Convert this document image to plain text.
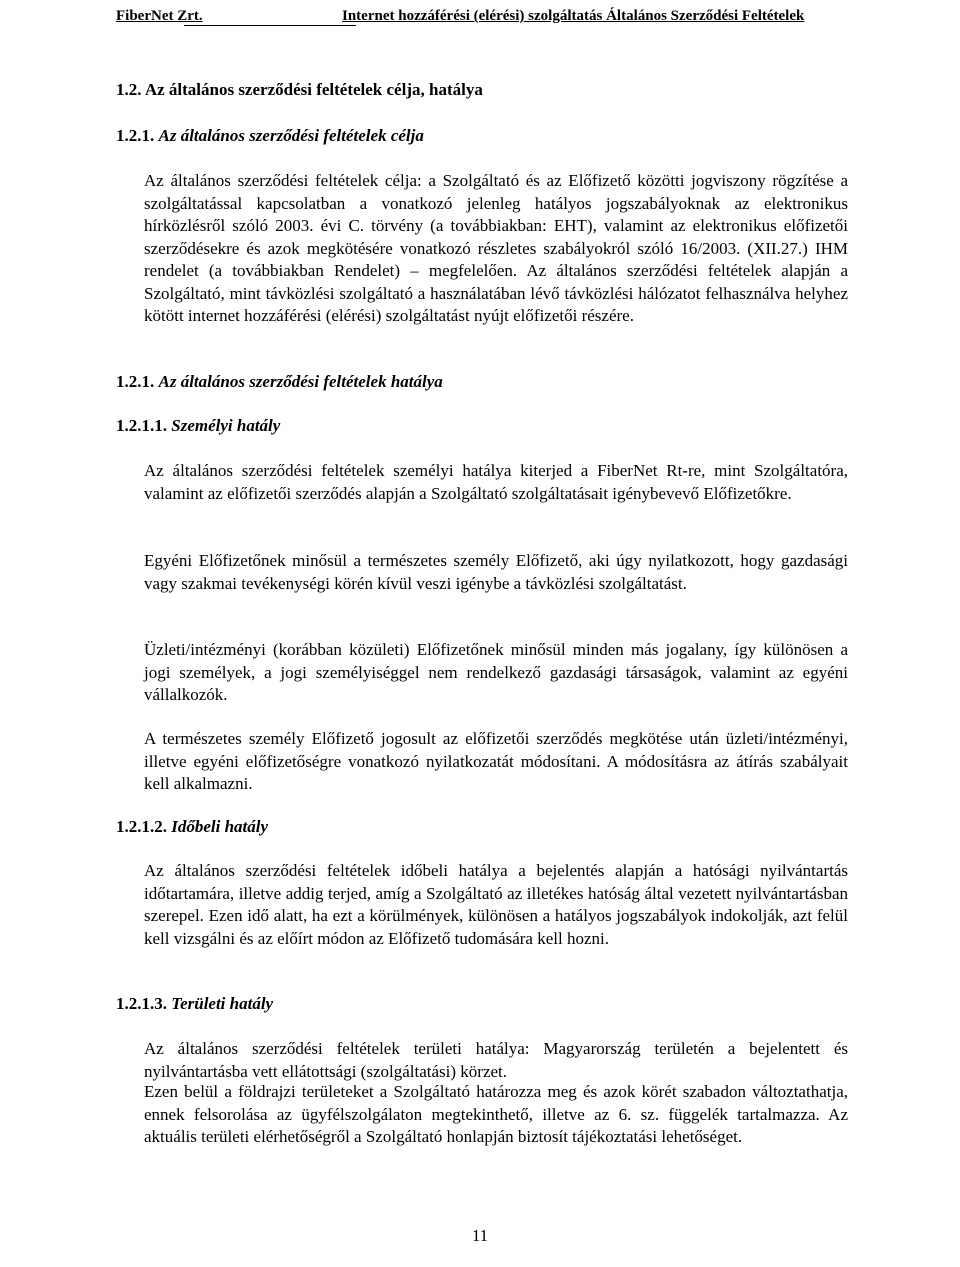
FiberNet Zrt.	Internet hozzáférési (elérési) szolgáltatás Általános Szerződési Feltételek
1.2. Az általános szerződési feltételek célja, hatálya
1.2.1. Az általános szerződési feltételek célja

Az általános szerződési feltételek célja: a Szolgáltató és az Előfizető közötti jogviszony rögzítése a szolgáltatással kapcsolatban a vonatkozó jelenleg hatályos jogszabályoknak az elektronikus hírközlésről szóló 2003. évi C. törvény (a továbbiakban: EHT), valamint az elektronikus előfizetői szerződésekre és azok megkötésére vonatkozó részletes szabályokról szóló 16/2003. (XII.27.) IHM rendelet (a továbbiakban Rendelet) – megfelelően. Az általános szerződési feltételek alapján a Szolgáltató, mint távközlési szolgáltató a használatában lévő távközlési hálózatot felhasználva helyhez kötött internet hozzáférési (elérési) szolgáltatást nyújt előfizetői részére.

1.2.1. Az általános szerződési feltételek hatálya
1.2.1.1. Személyi hatály

Az általános szerződési feltételek személyi hatálya kiterjed a FiberNet Rt-re, mint Szolgáltatóra, valamint az előfizetői szerződés alapján a Szolgáltató szolgáltatásait igénybevevő Előfizetőkre.

Egyéni Előfizetőnek minősül a természetes személy Előfizető, aki úgy nyilatkozott, hogy gazdasági vagy szakmai tevékenységi körén kívül veszi igénybe a távközlési szolgáltatást.

Üzleti/intézményi (korábban közületi) Előfizetőnek minősül minden más jogalany, így különösen a jogi személyek, a jogi személyiséggel nem rendelkező gazdasági társaságok, valamint az egyéni vállalkozók.

A természetes személy Előfizető jogosult az előfizetői szerződés megkötése után üzleti/intézményi, illetve egyéni előfizetőségre vonatkozó nyilatkozatát módosítani. A módosításra az átírás szabályait kell alkalmazni.

1.2.1.2. Időbeli hatály

Az általános szerződési feltételek időbeli hatálya a bejelentés alapján a hatósági nyilvántartás időtartamára, illetve addig terjed, amíg a Szolgáltató az illetékes hatóság által vezetett nyilvántartásban szerepel. Ezen idő alatt, ha ezt a körülmények, különösen a hatályos jogszabályok indokolják, azt felül kell vizsgálni és az előírt módon az Előfizető tudomására kell hozni.

1.2.1.3. Területi hatály

Az általános szerződési feltételek területi hatálya: Magyarország területén a bejelentett és nyilvántartásba vett ellátottsági (szolgáltatási) körzet.

Ezen belül a földrajzi területeket a Szolgáltató határozza meg és azok körét szabadon változtathatja, ennek felsorolása az ügyfélszolgálaton megtekinthető, illetve az 6. sz. függelék tartalmazza. Az aktuális területi elérhetőségről a Szolgáltató honlapján biztosít tájékoztatási lehetőséget.

11
